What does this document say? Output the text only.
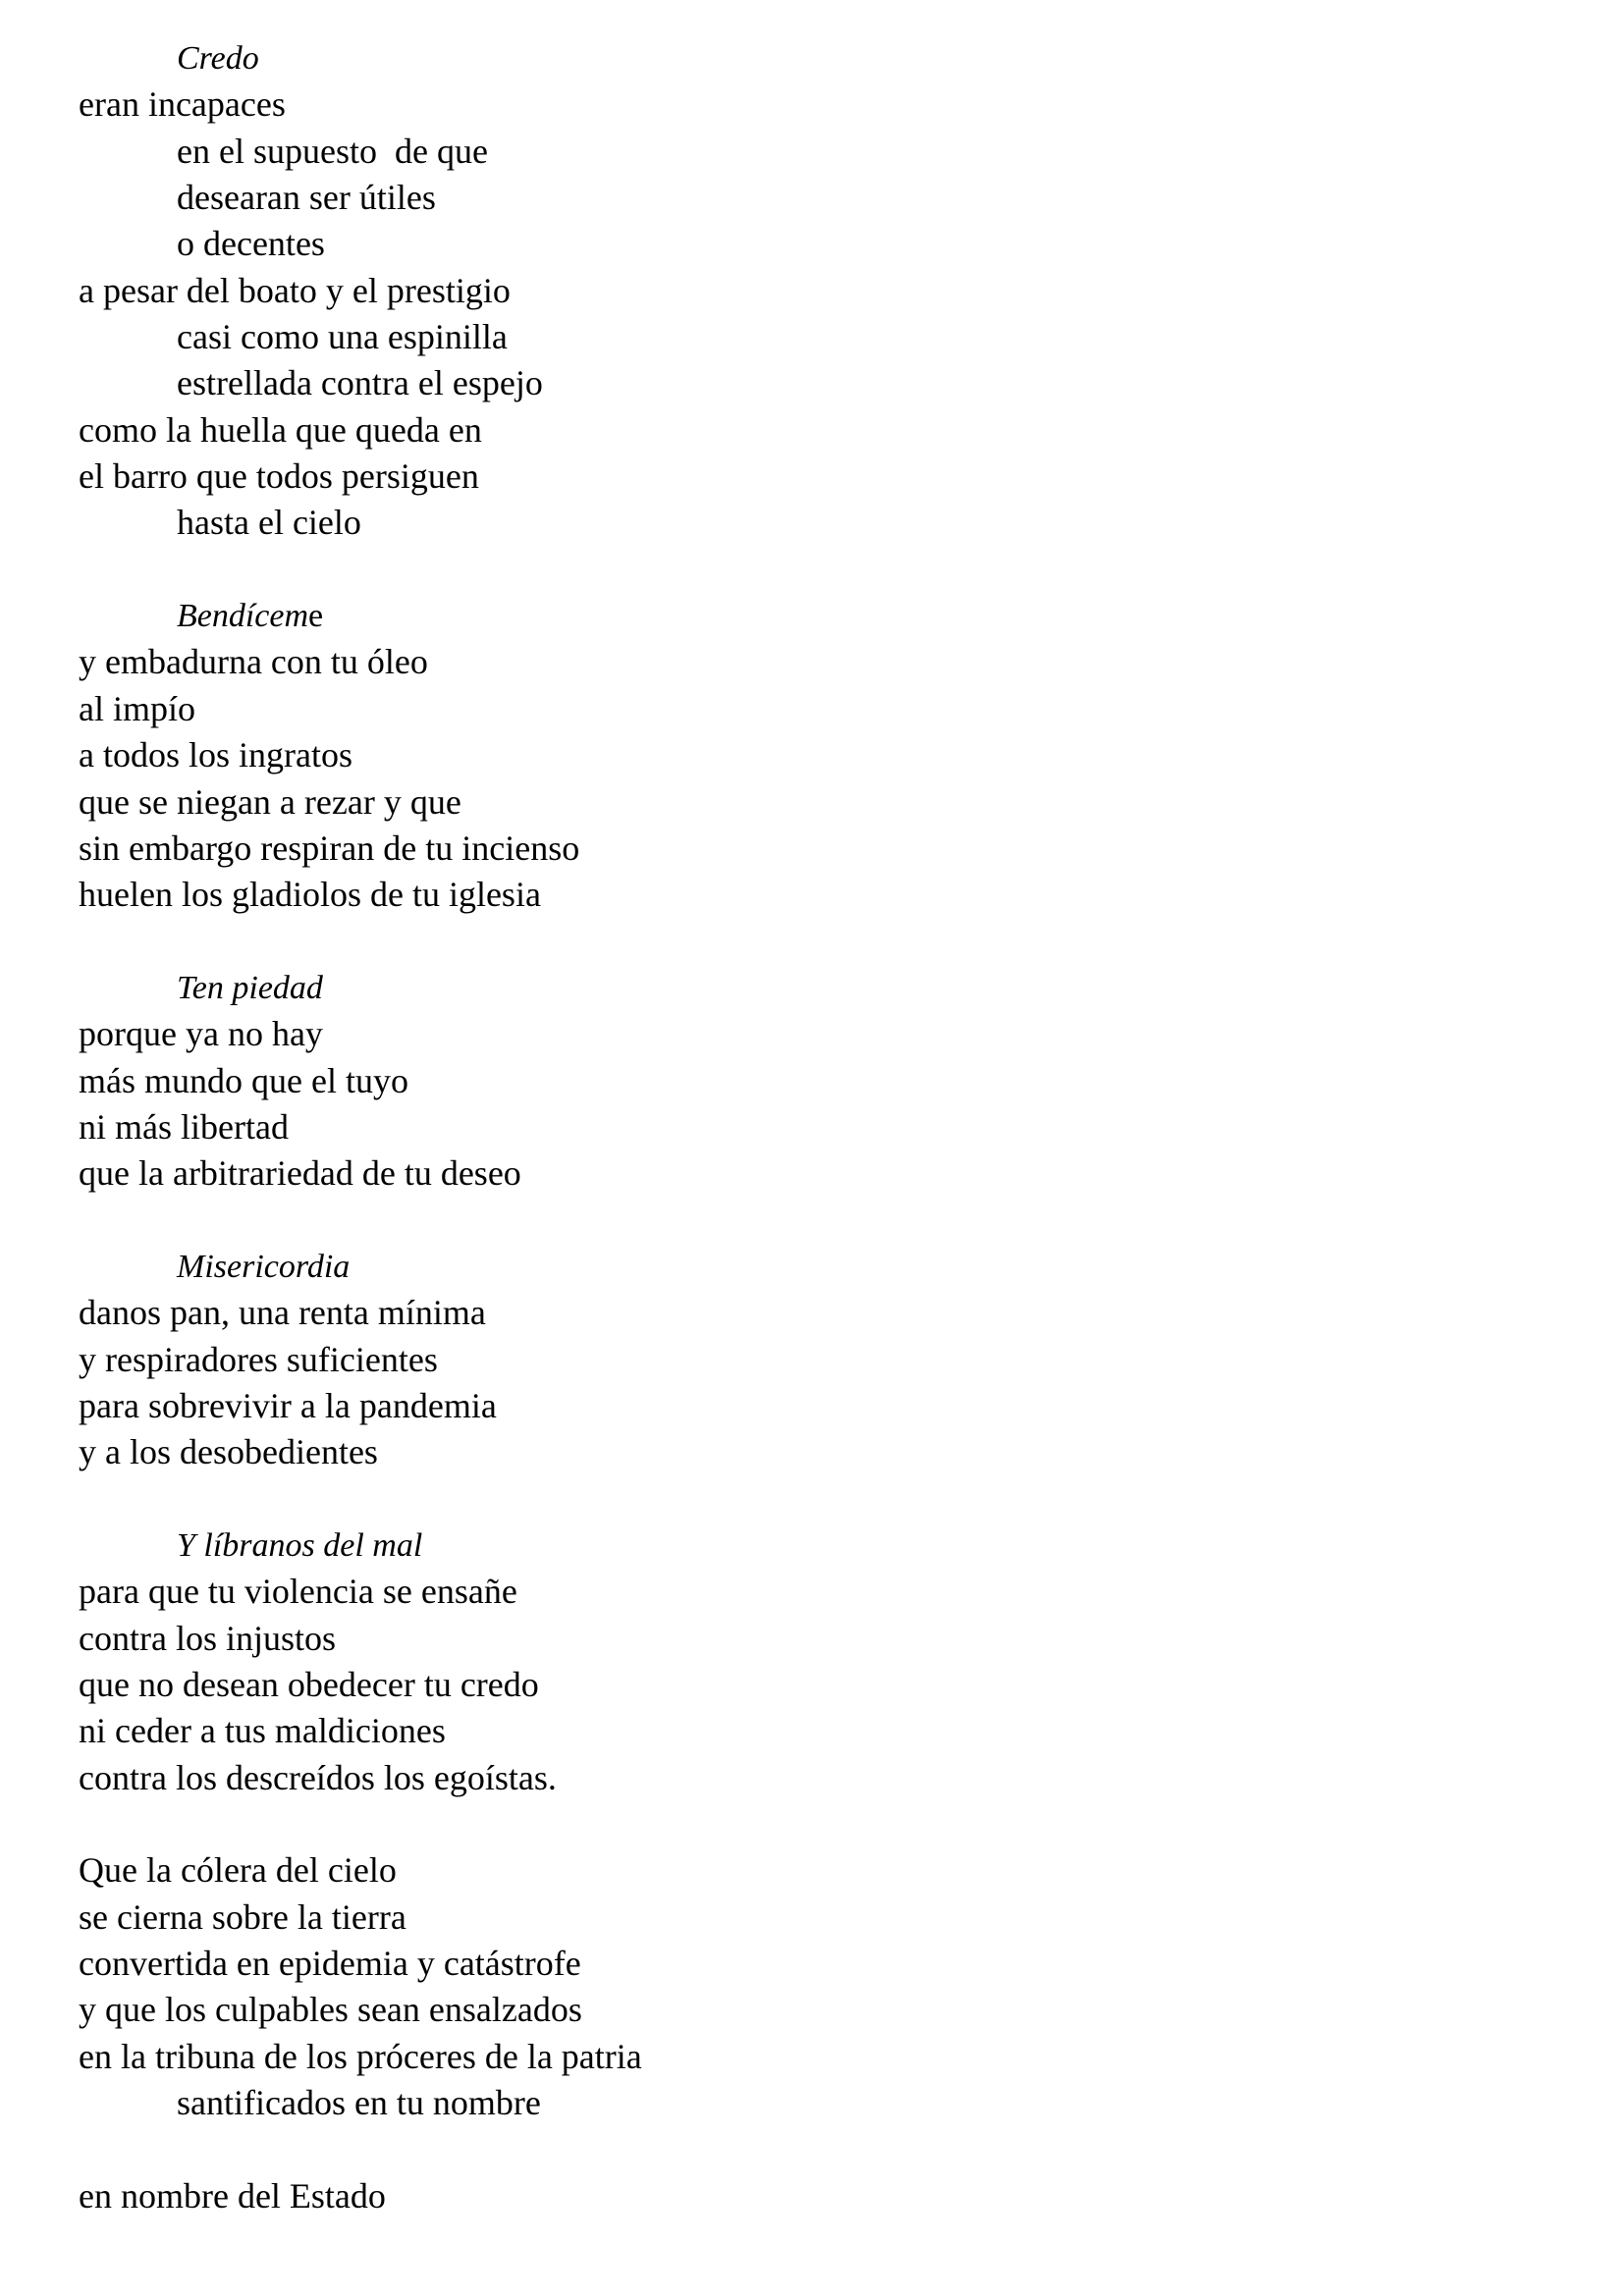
Credo
eran incapaces
en el supuesto  de que
desearan ser útiles
o decentes
a pesar del boato y el prestigio
casi como una espinilla
estrellada contra el espejo
como la huella que queda en
el barro que todos persiguen
hasta el cielo
Bendíceme
y embadurna con tu óleo
al impío
a todos los ingratos
que se niegan a rezar y que
sin embargo respiran de tu incienso
huelen los gladiolos de tu iglesia
Ten piedad
porque ya no hay
más mundo que el tuyo
ni más libertad
que la arbitrariedad de tu deseo
Misericordia
danos pan, una renta mínima
y respiradores suficientes
para sobrevivir a la pandemia
y a los desobedientes
Y líbranos del mal
para que tu violencia se ensañe
contra los injustos
que no desean obedecer tu credo
ni ceder a tus maldiciones
contra los descreídos los egoístas.
Que la cólera del cielo
se cierna sobre la tierra
convertida en epidemia y catástrofe
y que los culpables sean ensalzados
en la tribuna de los próceres de la patria
santificados en tu nombre
en nombre del Estado
